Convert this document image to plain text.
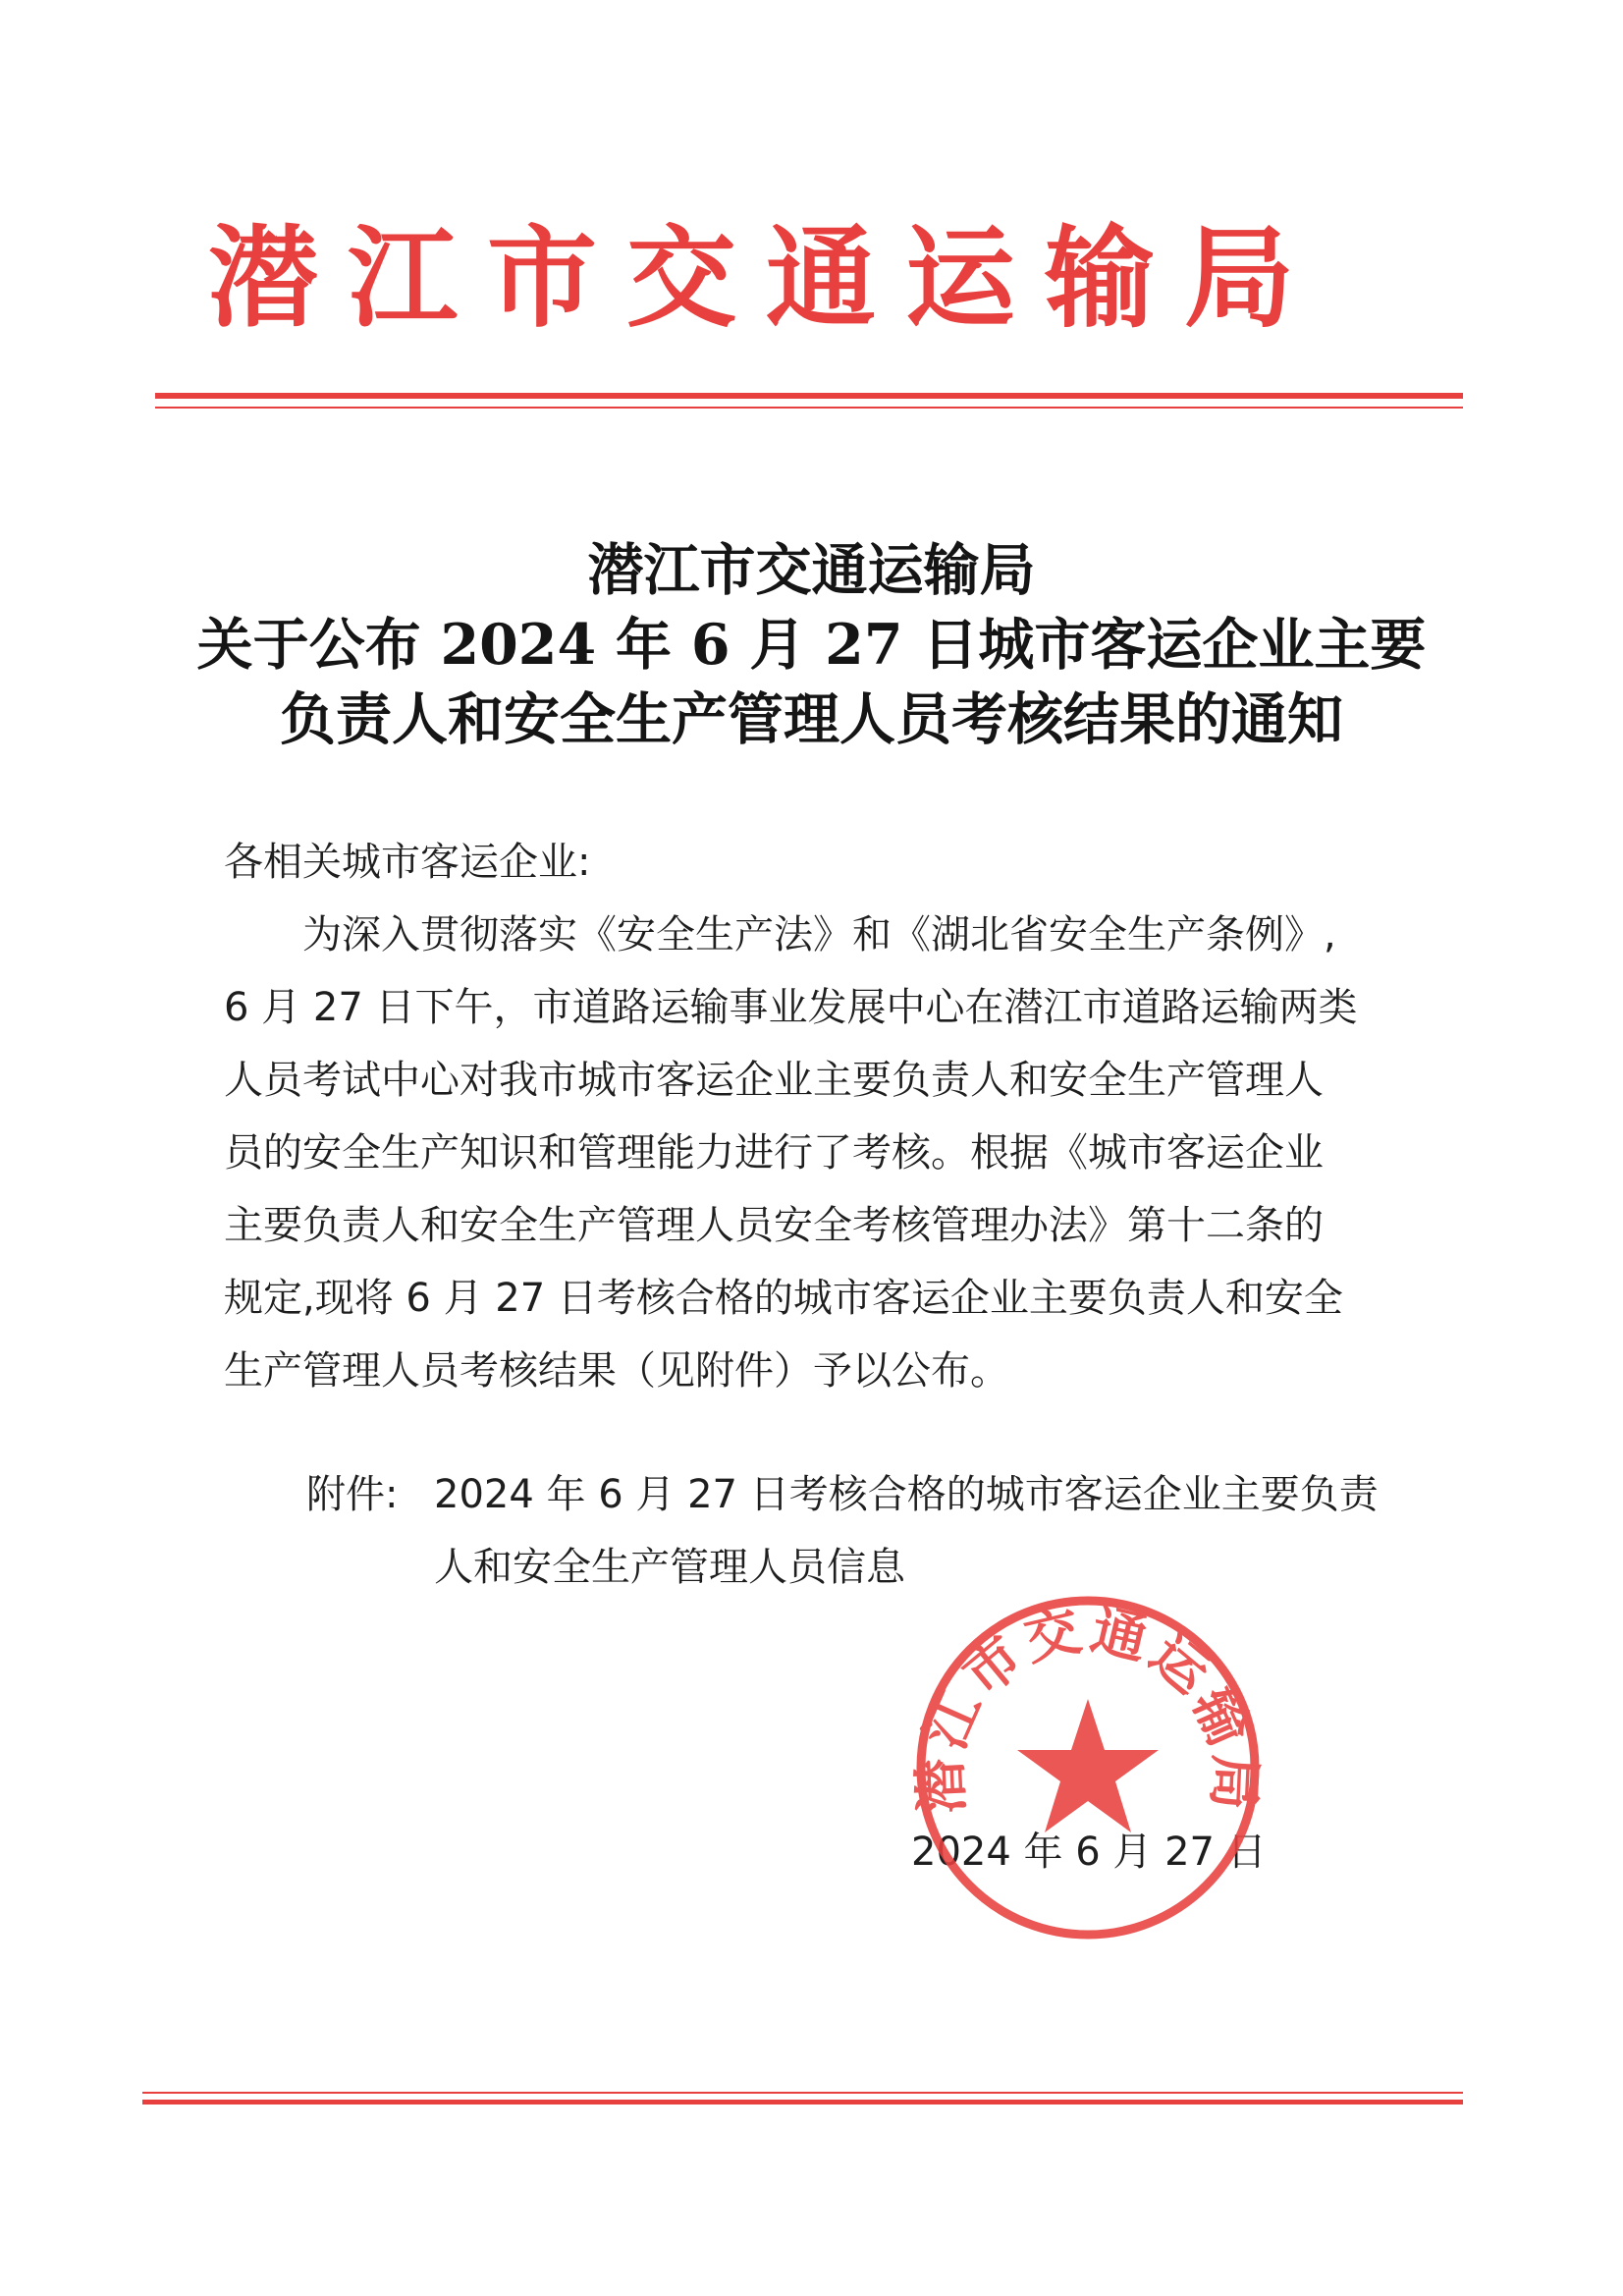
潜江市交通运输局
潜江市交通运输局
关于公布 2024 年 6 月 27 日城市客运企业主要
负责人和安全生产管理人员考核结果的通知
各相关城市客运企业:
为深入贯彻落实《安全生产法》和《湖北省安全生产条例》,
6 月 27 日下午，市道路运输事业发展中心在潜江市道路运输两类
人员考试中心对我市城市客运企业主要负责人和安全生产管理人
员的安全生产知识和管理能力进行了考核。根据《城市客运企业
主要负责人和安全生产管理人员安全考核管理办法》第十二条的
规定,现将 6 月 27 日考核合格的城市客运企业主要负责人和安全
生产管理人员考核结果（见附件）予以公布。
附件: 2024 年 6 月 27 日考核合格的城市客运企业主要负责
人和安全生产管理人员信息
2024 年 6 月 27 日
潜江市交通运输局
